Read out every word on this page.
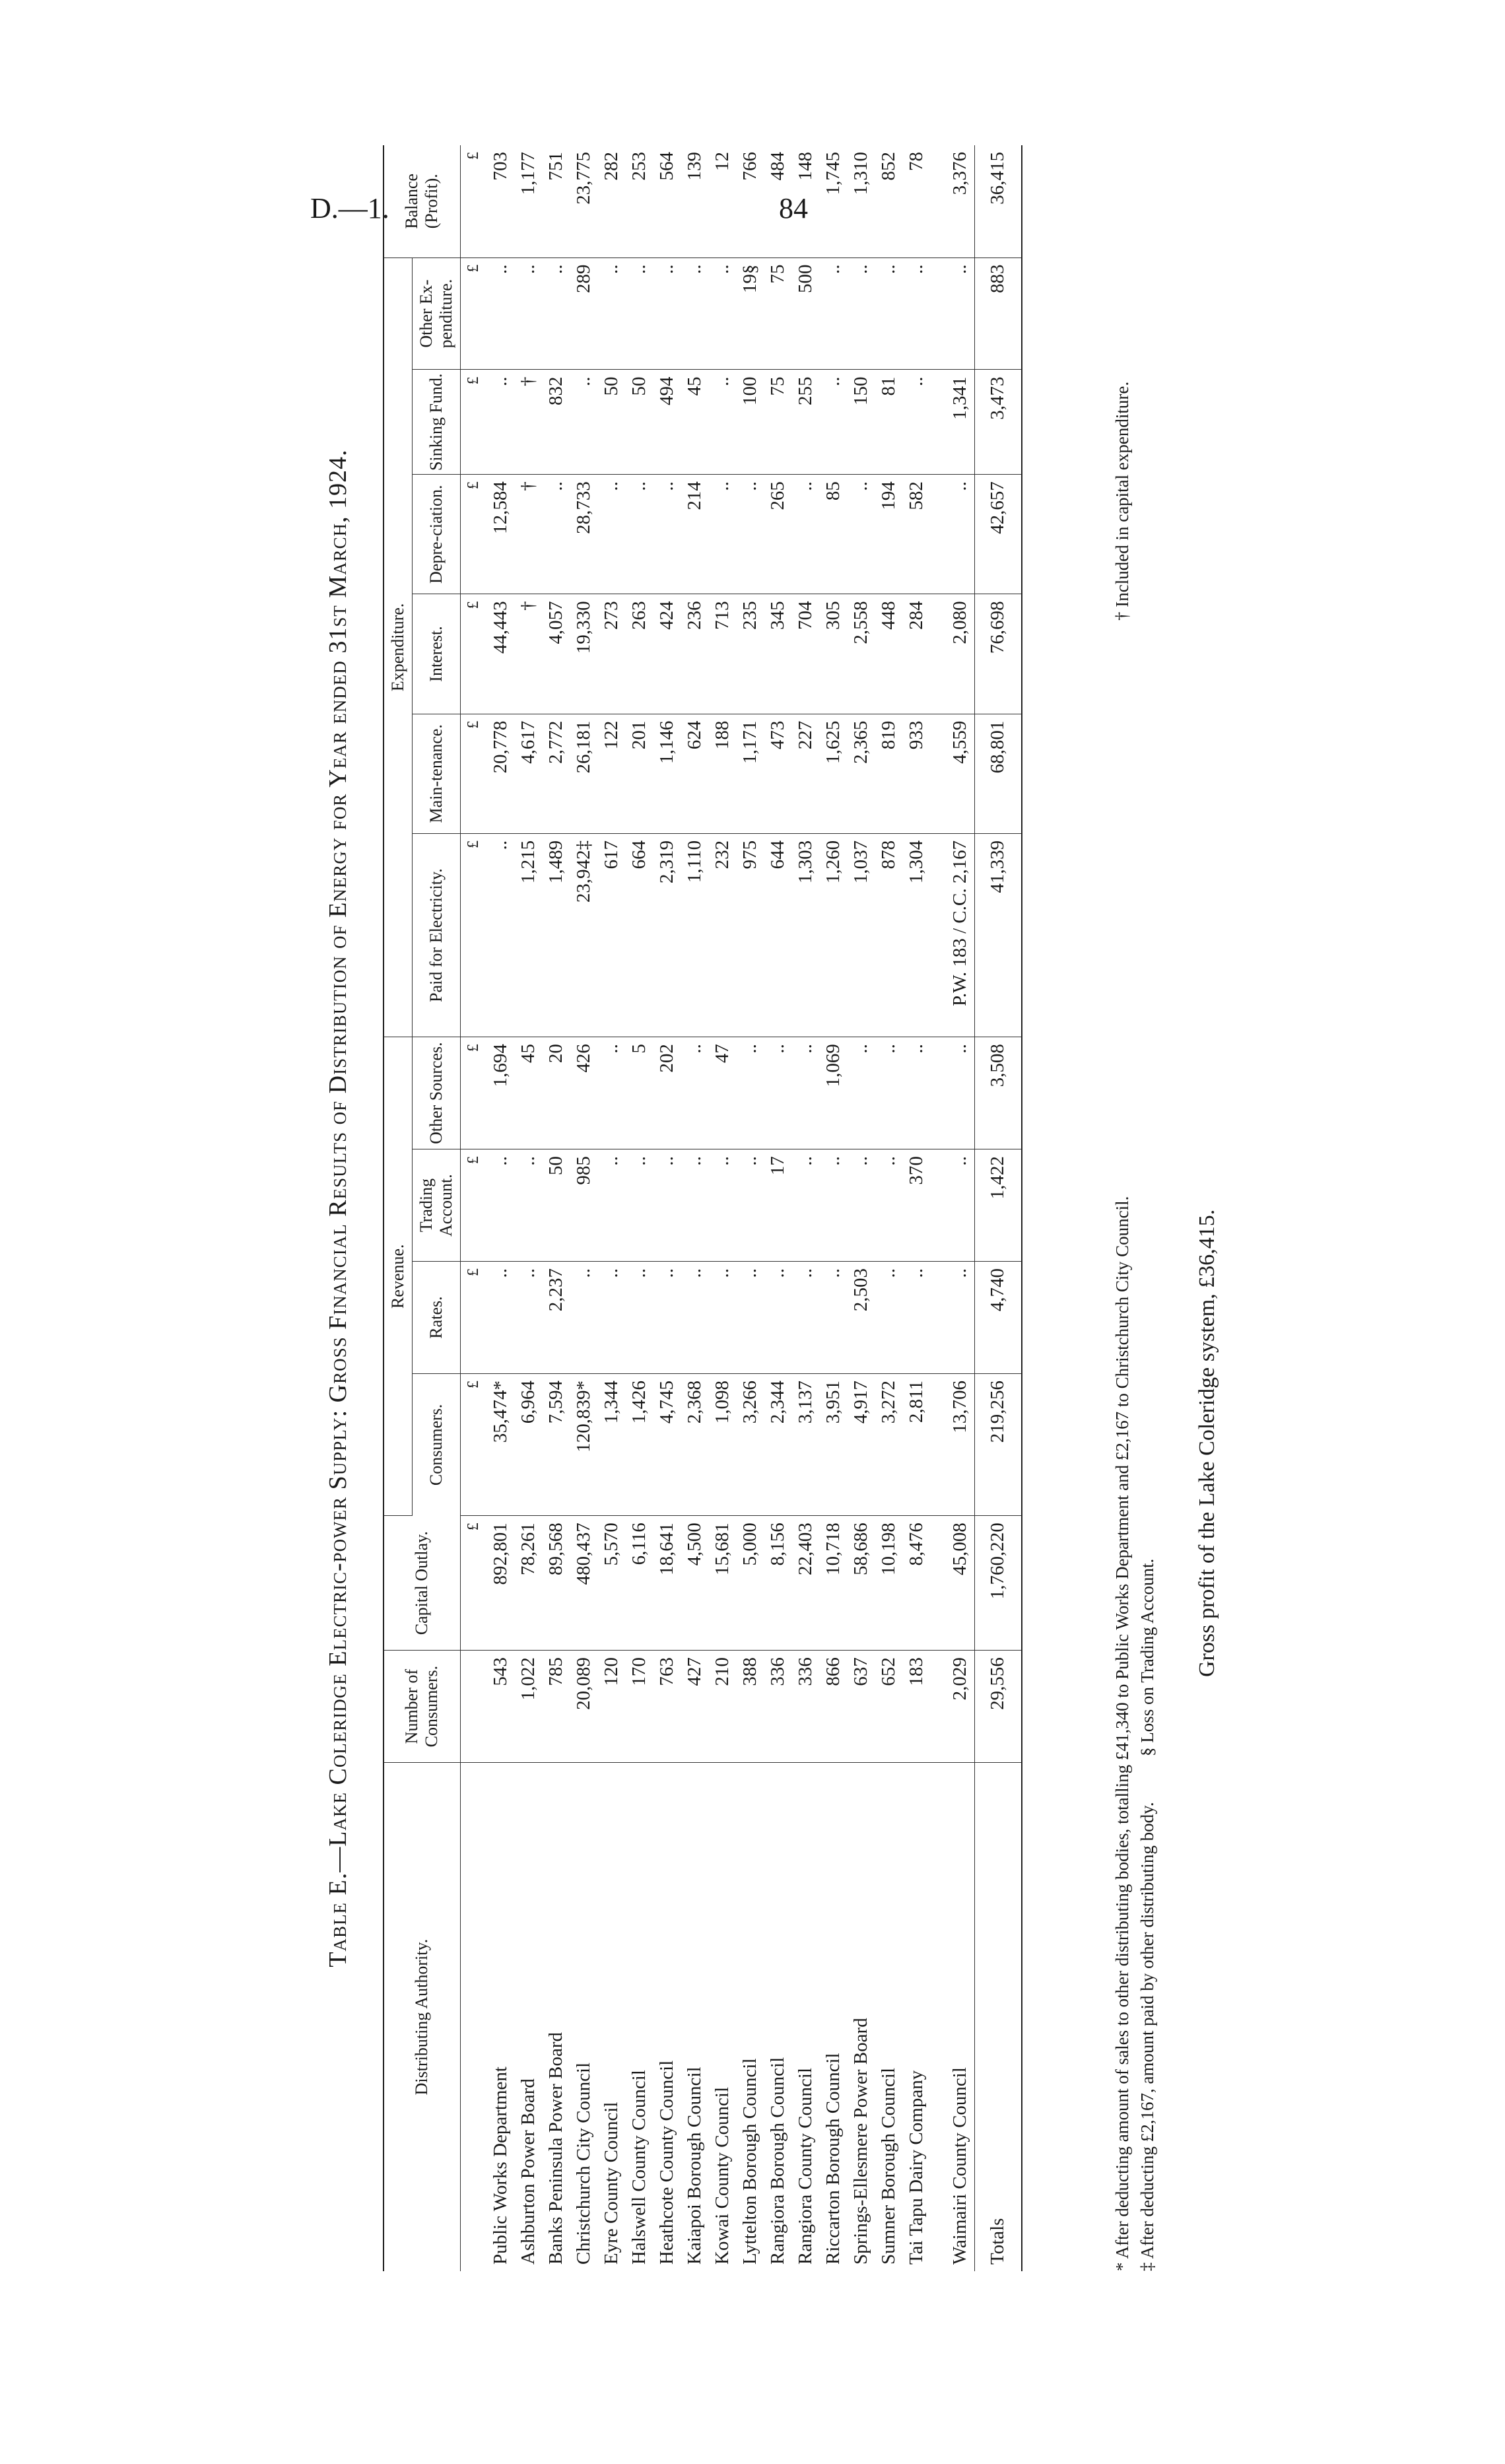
D.—1.	84
Table E.—Lake Coleridge Electric-power Supply: Gross Financial Results of Distribution of Energy for Year ended 31st March, 1924.
Distributing Authority.	Number of Consumers.	Capital Outlay.	Revenue.				Expenditure.						Balance (Profit).
			Consumers.	Rates.	Trading Account.	Other Sources.	Paid for Electricity.	Main-tenance.	Interest.	Depre-ciation.	Sinking Fund.	Other Ex-penditure.	
		£	£	£	£	£	£	£	£	£	£	£	£
Public Works Department	543	892,801	35,474*	..	..	1,694	..	20,778	44,443	12,584	..	..	703
Ashburton Power Board	1,022	78,261	6,964	..	..	45	1,215	4,617	†	†	†	..	1,177
Banks Peninsula Power Board	785	89,568	7,594	2,237	50	20	1,489	2,772	4,057	..	832	..	751
Christchurch City Council	20,089	480,437	120,839*	..	985	426	23,942‡	26,181	19,330	28,733	..	289	23,775
Eyre County Council	120	5,570	1,344	..	..	..	617	122	273	..	50	..	282
Halswell County Council	170	6,116	1,426	..	..	5	664	201	263	..	50	..	253
Heathcote County Council	763	18,641	4,745	..	..	202	2,319	1,146	424	..	494	..	564
Kaiapoi Borough Council	427	4,500	2,368	..	..	..	1,110	624	236	214	45	..	139
Kowai County Council	210	15,681	1,098	..	..	47	232	188	713	..	..	..	12
Lyttelton Borough Council	388	5,000	3,266	..	..	..	975	1,171	235	..	100	19§	766
Rangiora Borough Council	336	8,156	2,344	..	17	..	644	473	345	265	75	75	484
Rangiora County Council	336	22,403	3,137	..	..	..	1,303	227	704	..	255	500	148
Riccarton Borough Council	866	10,718	3,951	..	..	1,069	1,260	1,625	305	85	..	..	1,745
Springs-Ellesmere Power Board	637	58,686	4,917	2,503	..	..	1,037	2,365	2,558	..	150	..	1,310
Sumner Borough Council	652	10,198	3,272	..	..	..	878	819	448	194	81	..	852
Tai Tapu Dairy Company	183	8,476	2,811	..	370	..	1,304	933	284	582	..	..	78

Waimairi County Council	2,029	45,008	13,706	..	..	..	P.W. 183 / C.C. 2,167	4,559	2,080	..	1,341	..	3,376
Totals	29,556	1,760,220	219,256	4,740	1,422	3,508	41,339	68,801	76,698	42,657	3,473	883	36,415
* After deducting amount of sales to other distributing bodies, totalling £41,340 to Public Works Department and £2,167 to Christchurch City Council.
† Included in capital expenditure.
‡ After deducting £2,167, amount paid by other distributing body.
§ Loss on Trading Account. Gross profit of the Lake Coleridge system, £36,415.
